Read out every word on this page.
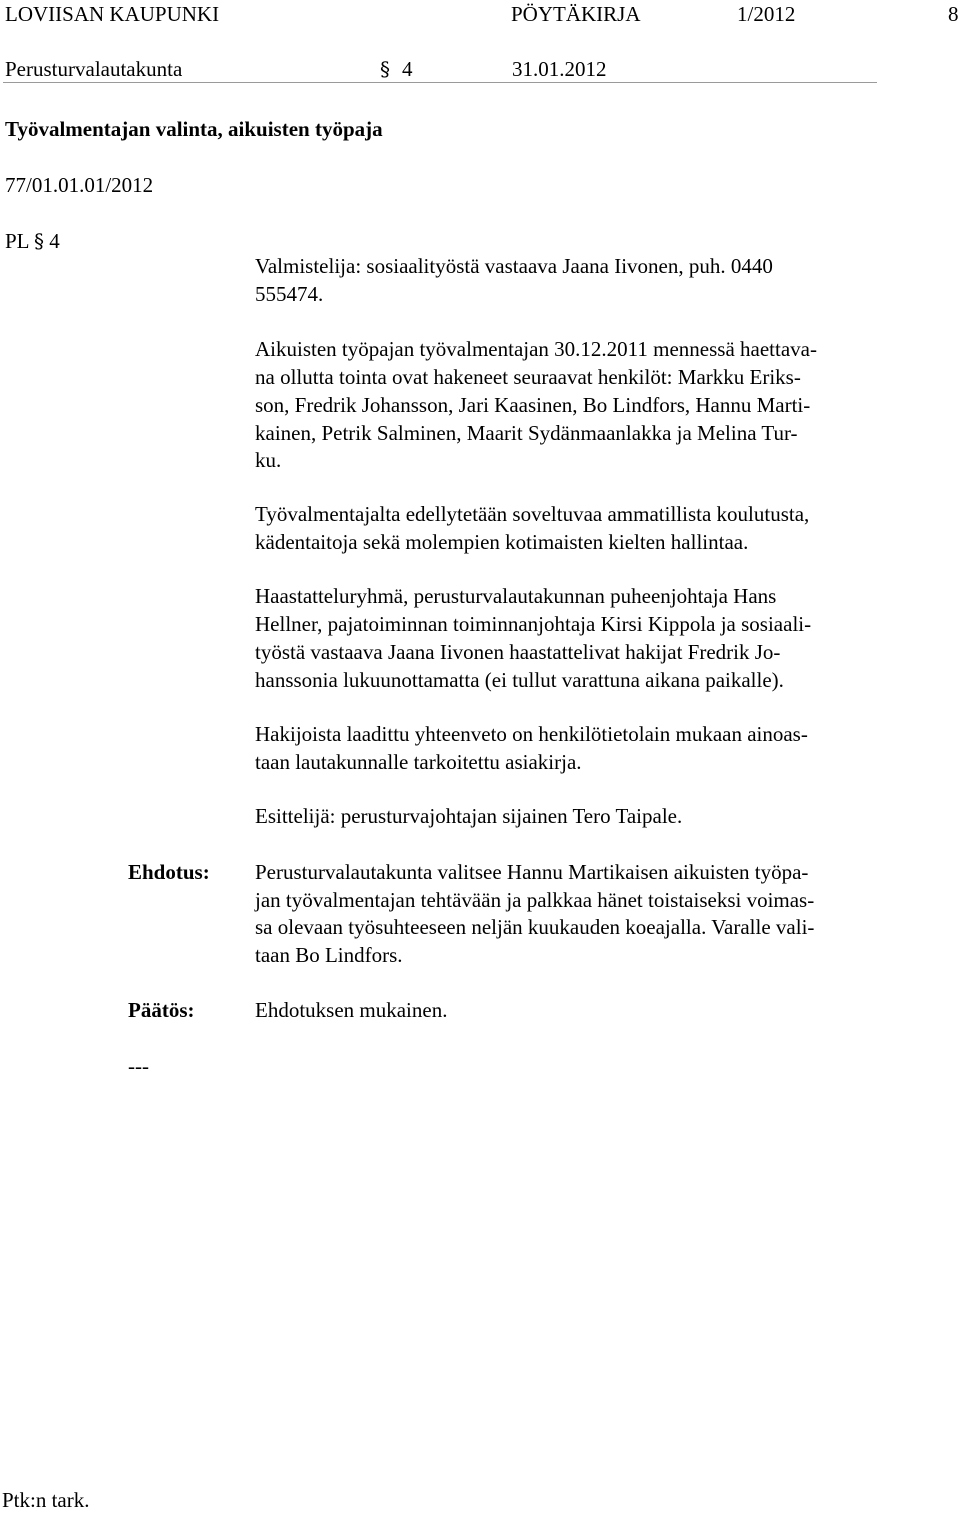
LOVIISAN KAUPUNKI	PÖYTÄKIRJA	1/2012	8
Perusturvalautakunta	§ 4	31.01.2012
Työvalmentajan valinta, aikuisten työpaja
77/01.01.01/2012
PL § 4
Valmistelija: sosiaalityöstä vastaava Jaana Iivonen, puh. 0440
555474.
Aikuisten työpajan työvalmentajan 30.12.2011 mennessä haettava-
na ollutta tointa ovat hakeneet seuraavat henkilöt: Markku Eriks-
son, Fredrik Johansson, Jari Kaasinen, Bo Lindfors, Hannu Marti-
kainen, Petrik Salminen, Maarit Sydänmaanlakka ja Melina Tur-
ku.
Työvalmentajalta edellytetään soveltuvaa ammatillista koulutusta,
kädentaitoja sekä molempien kotimaisten kielten hallintaa.
Haastatteluryhmä, perusturvalautakunnan puheenjohtaja Hans
Hellner, pajatoiminnan toiminnanjohtaja Kirsi Kippola ja sosiaali-
työstä vastaava Jaana Iivonen haastattelivat hakijat Fredrik Jo-
hanssonia lukuunottamatta (ei tullut varattuna aikana paikalle).
Hakijoista laadittu yhteenveto on henkilötietolain mukaan ainoas-
taan lautakunnalle tarkoitettu asiakirja.
Esittelijä: perusturvajohtajan sijainen Tero Taipale.
Ehdotus: Perusturvalautakunta valitsee Hannu Martikaisen aikuisten työpa-
jan työvalmentajan tehtävään ja palkkaa hänet toistaiseksi voimas-
sa olevaan työsuhteeseen neljän kuukauden koeajalla. Varalle vali-
taan Bo Lindfors.
Päätös:	Ehdotuksen mukainen.
---
Ptk:n tark.
